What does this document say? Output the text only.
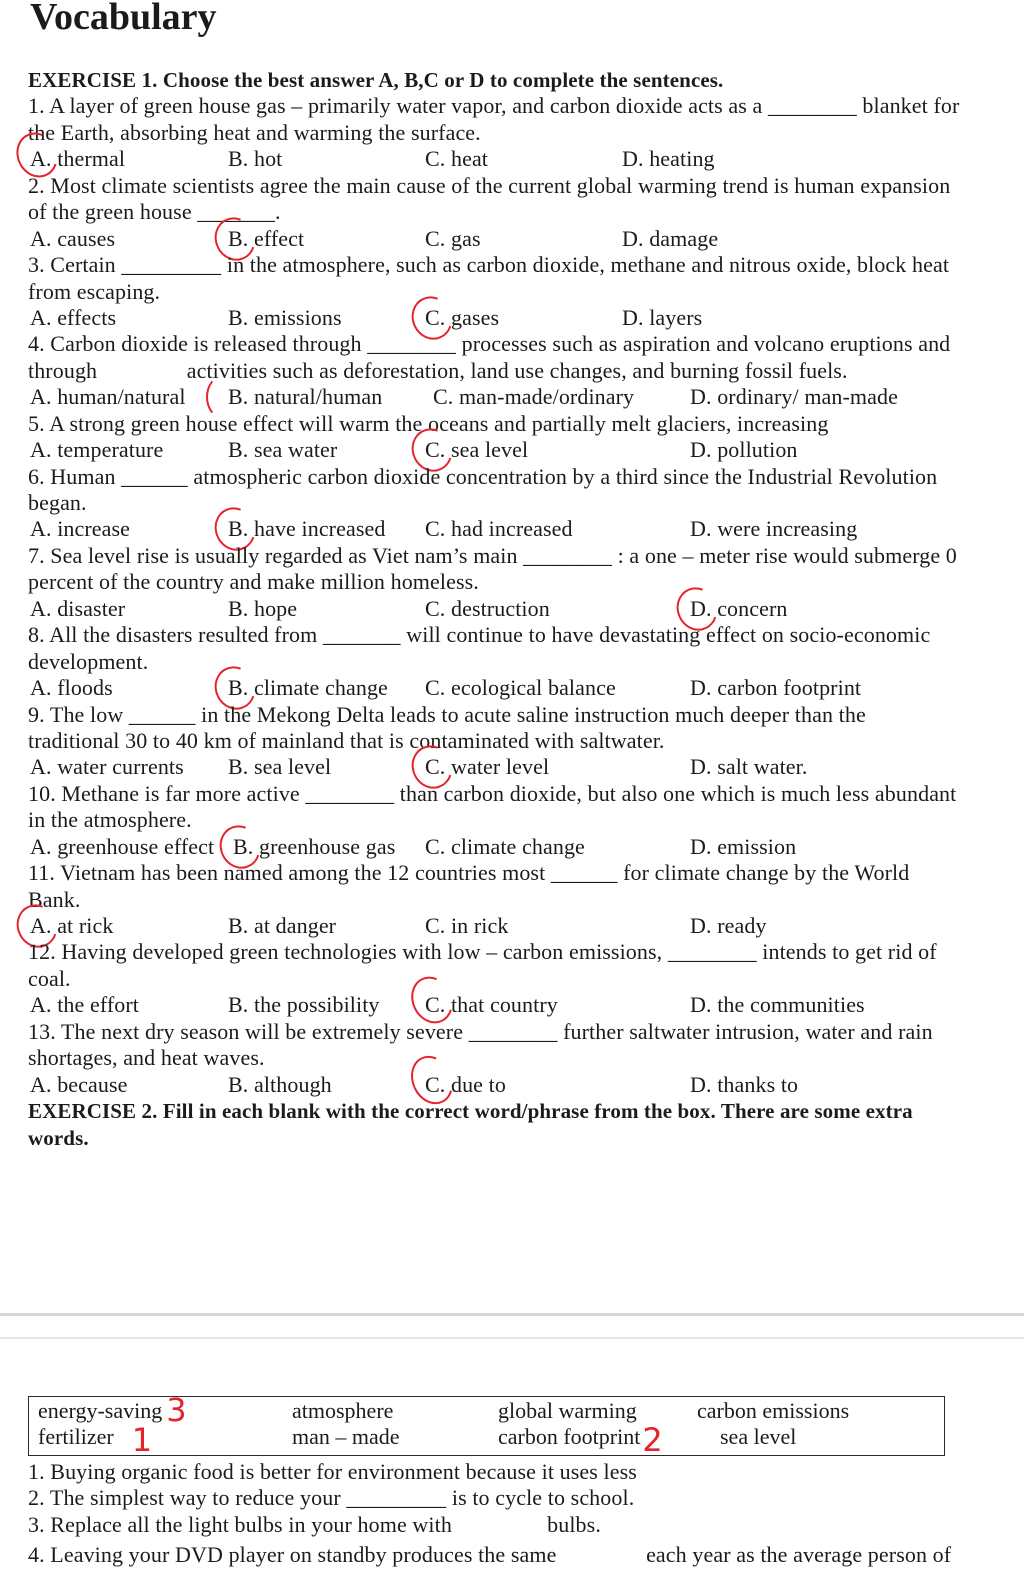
Vocabulary
EXERCISE 1. Choose the best answer A, B,C or D to complete the sentences.
1. A layer of green house gas – primarily water vapor, and carbon dioxide acts as a ________ blanket for
the Earth, absorbing heat and warming the surface.

A. thermal

	B. hot

	C. heat

	D. heating

2. Most climate scientists agree the main cause of the current global warming trend is human expansion
of the green house _______.

A. causes

	B. effect

	C. gas

	D. damage

3. Certain _________ in the atmosphere, such as carbon dioxide, methane and nitrous oxide, block heat
from escaping.

A. effects

	B. emissions

	C. gases

	D. layers

4. Carbon dioxide is released through ________ processes such as aspiration and volcano eruptions and
through                activities such as deforestation, land use changes, and burning fossil fuels.

A. human/natural

B. natural/human

C. man-made/ordinary

	D. ordinary/ man-made

5. A strong green house effect will warm the oceans and partially melt glaciers, increasing

A. temperature

	B. sea water

	C. sea level

	D. pollution

6. Human ______ atmospheric carbon dioxide concentration by a third since the Industrial Revolution
began.

A. increase

	B. have increased

C. had increased

	D. were increasing

7. Sea level rise is usually regarded as Viet nam’s main ________ : a one – meter rise would submerge 0
percent of the country and make million homeless.

A. disaster

	B. hope

	C. destruction

	D. concern

8. All the disasters resulted from _______ will continue to have devastating effect on socio-economic
development.

A. floods

	B. climate change

C. ecological balance

	D. carbon footprint

9. The low ______ in the Mekong Delta leads to acute saline instruction much deeper than the
traditional 30 to 40 km of mainland that is contaminated with saltwater.

A. water currents

B. sea level

	C. water level

	D. salt water.

10. Methane is far more active ________ than carbon dioxide, but also one which is much less abundant
in the atmosphere.

A. greenhouse effect

B. greenhouse gas

C. climate change

	D. emission

11. Vietnam has been named among the 12 countries most ______ for climate change by the World
Bank.

A. at rick

	B. at danger

	C. in rick

	D. ready

12. Having developed green technologies with low – carbon emissions, ________ intends to get rid of
coal.

A. the effort

	B. the possibility

C. that country

	D. the communities

13. The next dry season will be extremely severe ________ further saltwater intrusion, water and rain
shortages, and heat waves.

A. because

	B. although

	C. due to

	D. thanks to

EXERCISE 2. Fill in each blank with the correct word/phrase from the box. There are some extra
words.
energy-saving 3	atmosphere	global warming	carbon emissions
fertilizer 1	man – made	carbon footprint2	sea level
1. Buying organic food is better for environment because it uses less
2. The simplest way to reduce your _________ is to cycle to school.
3. Replace all the light bulbs in your home with                 bulbs.
4. Leaving your DVD player on standby produces the same                each year as the average person of
